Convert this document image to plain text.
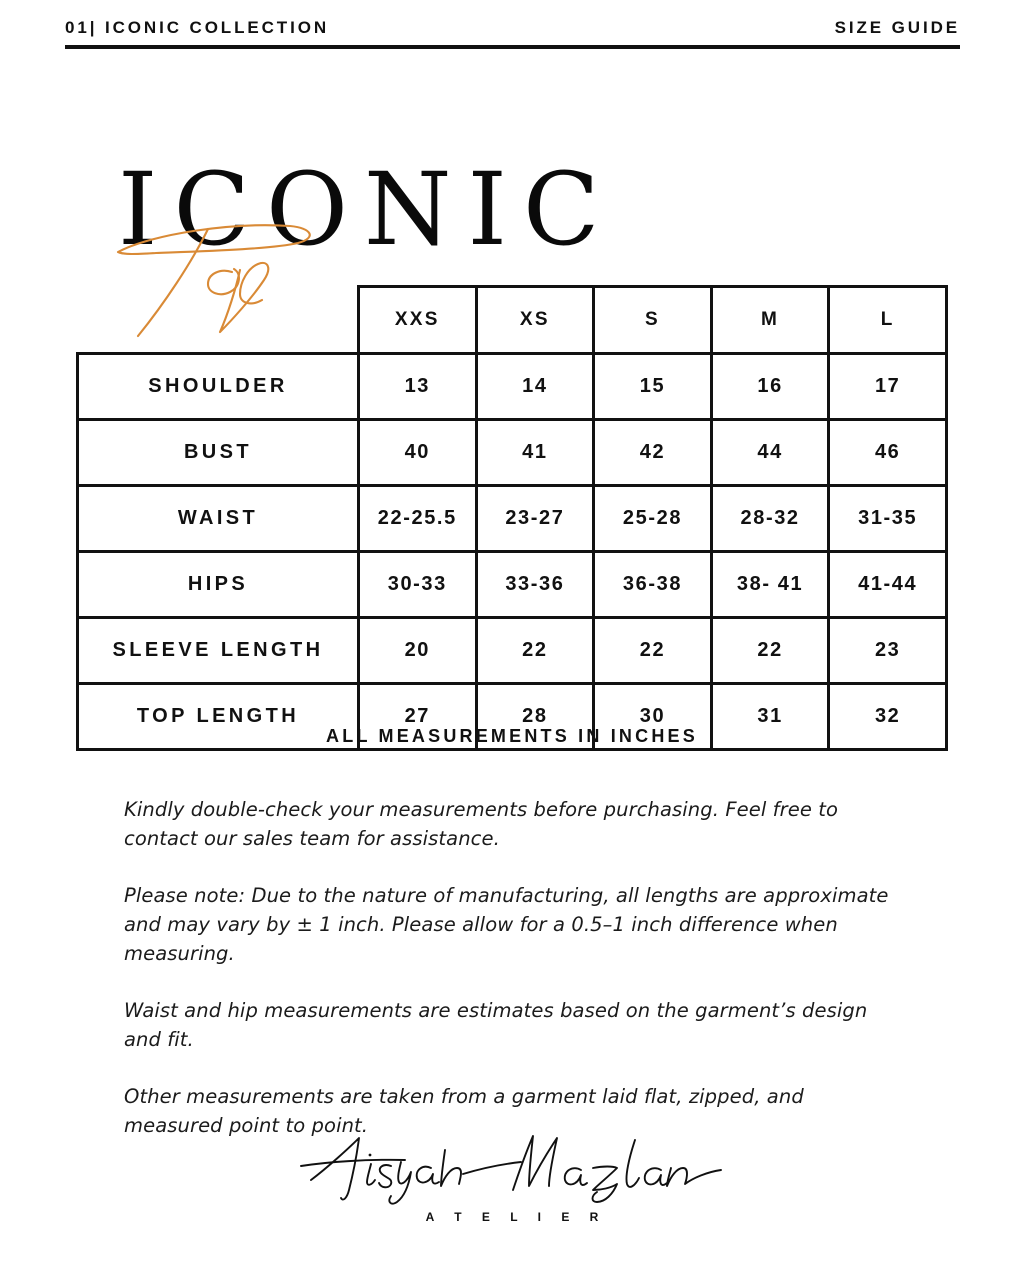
01| ICONIC COLLECTION	SIZE GUIDE
ICONIC
	XXS	XS	S	M	L
SHOULDER	13	14	15	16	17
BUST	40	41	42	44	46
WAIST	22-25.5	23-27	25-28	28-32	31-35
HIPS	30-33	33-36	36-38	38- 41	41-44
SLEEVE LENGTH	20	22	22	22	23
TOP LENGTH	27	28	30	31	32
ALL MEASUREMENTS IN INCHES

Kindly double-check your measurements before purchasing. Feel free to contact our sales team for assistance.

Please note: Due to the nature of manufacturing, all lengths are approximate and may vary by ± 1 inch. Please allow for a 0.5–1 inch difference when measuring.

Waist and hip measurements are estimates based on the garment’s design and fit.

Other measurements are taken from a garment laid flat, zipped, and measured point to point.

A T E L I E R
